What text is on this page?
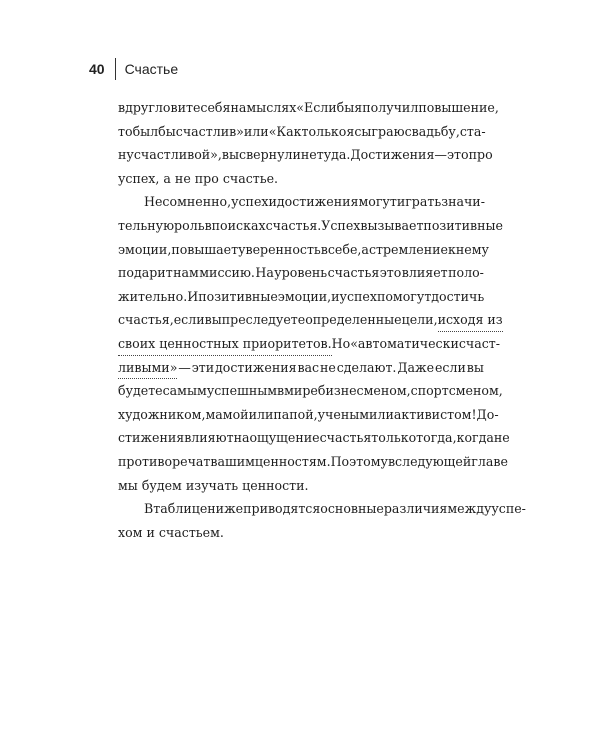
40 Счастье
вдруг ловите себя на мыслях «Если бы я получил повышение,
то был бы счастлив» или «Как только я сыграю свадьбу, ста-
ну счастливой», вы свернули не туда. Достижения — это про
успех, а не про счастье.
Несомненно, успех и достижения могут играть значи-
тельную роль в поисках счастья. Успех вызывает позитивные
эмоции, повышает уверенность в себе, а стремление к нему
подарит нам миссию. На уровень счастья это влияет поло-
жительно. И позитивные эмоции, и успех помогут достичь
счастья, если вы преследуете определенные цели, исходя из
своих ценностных приоритетов. Но «автоматически счаст-
ливыми» — эти достижения вас не сделают. Даже если вы
будете самым успешным в мире бизнесменом, спортсменом,
художником, мамой или папой, ученым или активистом! До-
стижения влияют на ощущение счастья только тогда, когда не
противоречат вашим ценностям. Поэтому в следующей главе
мы будем изучать ценности.
В таблице ниже приводятся основные различия между успе-
хом и счастьем.
